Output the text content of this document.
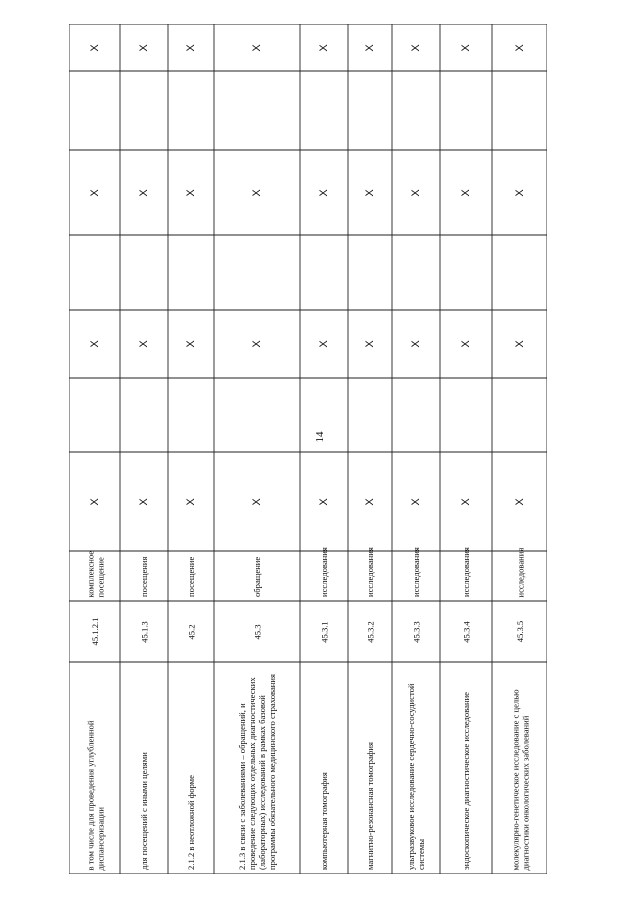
14
X
X
X
X
комплексное посещение
45.1.2.1
в том числе для проведения углубленной диспансеризации
X
X
X
X
посещения
45.1.3
для посещений с иными целями
X
X
X
X
посещение
45.2
2.1.2 в неотложной форме
X
X
X
X
обращение
45.3
2.1.3 в связи с заболеваниями – обращений, и проведение следующих отдельных диагностических (лабораторных) исследований в рамках базовой программы обязательного медицинского страхования
X
X
X
X
исследования
45.3.1
компьютерная томография
X
X
X
X
исследования
45.3.2
магнитно-резонансная томография
X
X
X
X
исследования
45.3.3
ультразвуковое исследование сердечно-сосудистой системы
X
X
X
X
исследования
45.3.4
эндоскопическое диагностическое исследование
X
X
X
X
исследования
45.3.5
молекулярно-генетическое исследование с целью диагностики онкологических заболеваний
